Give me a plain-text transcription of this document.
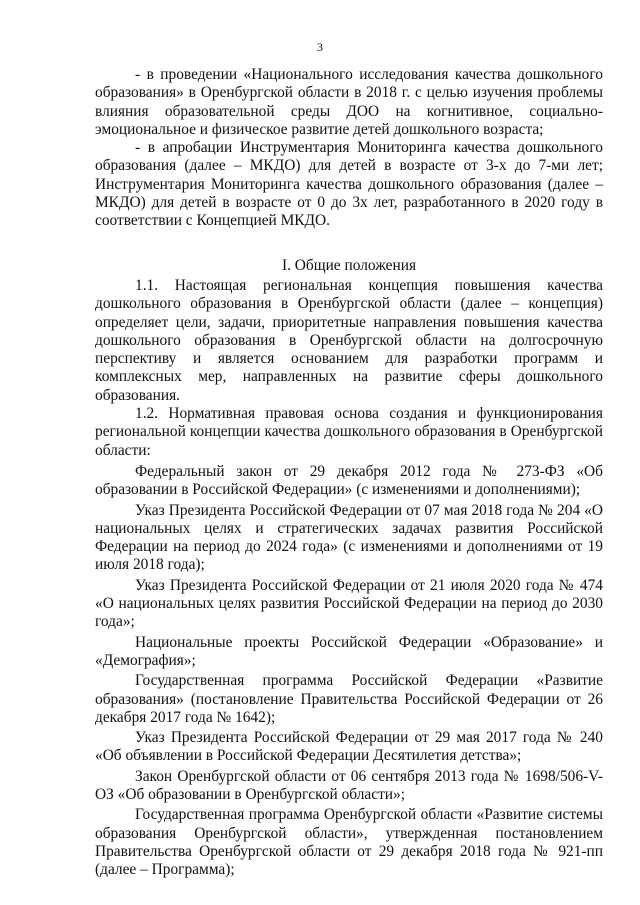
3

- в проведении «Национального исследования качества дошкольного образования» в Оренбургской области в 2018 г. с целью изучения проблемы влияния образовательной среды ДОО на когнитивное, социально-эмоциональное и физическое развитие детей дошкольного возраста;

- в апробации Инструментария Мониторинга качества дошкольного образования (далее – МКДО) для детей в возрасте от 3-х до 7-ми лет; Инструментария Мониторинга качества дошкольного образования (далее – МКДО) для детей в возрасте от 0 до 3х лет, разработанного в 2020 году в соответствии с Концепцией МКДО.

I. Общие положения

1.1. Настоящая региональная концепция повышения качества дошкольного образования в Оренбургской области (далее – концепция) определяет цели, задачи, приоритетные направления повышения качества дошкольного образования в Оренбургской области на долгосрочную перспективу и является основанием для разработки программ и комплексных мер, направленных на развитие сферы дошкольного образования.

1.2. Нормативная правовая основа создания и функционирования региональной концепции качества дошкольного образования в Оренбургской области:

Федеральный закон от 29 декабря 2012 года № 273-ФЗ «Об образовании в Российской Федерации» (с изменениями и дополнениями);

Указ Президента Российской Федерации от 07 мая 2018 года № 204 «О национальных целях и стратегических задачах развития Российской Федерации на период до 2024 года» (с изменениями и дополнениями от 19 июля 2018 года);

Указ Президента Российской Федерации от 21 июля 2020 года № 474 «О национальных целях развития Российской Федерации на период до 2030 года»;

Национальные проекты Российской Федерации «Образование» и «Демография»;

Государственная программа Российской Федерации «Развитие образования» (постановление Правительства Российской Федерации от 26 декабря 2017 года № 1642);

Указ Президента Российской Федерации от 29 мая 2017 года № 240 «Об объявлении в Российской Федерации Десятилетия детства»;

Закон Оренбургской области от 06 сентября 2013 года № 1698/506-V-ОЗ «Об образовании в Оренбургской области»;

Государственная программа Оренбургской области «Развитие системы образования Оренбургской области», утвержденная постановлением Правительства Оренбургской области от 29 декабря 2018 года № 921-пп (далее – Программа);
